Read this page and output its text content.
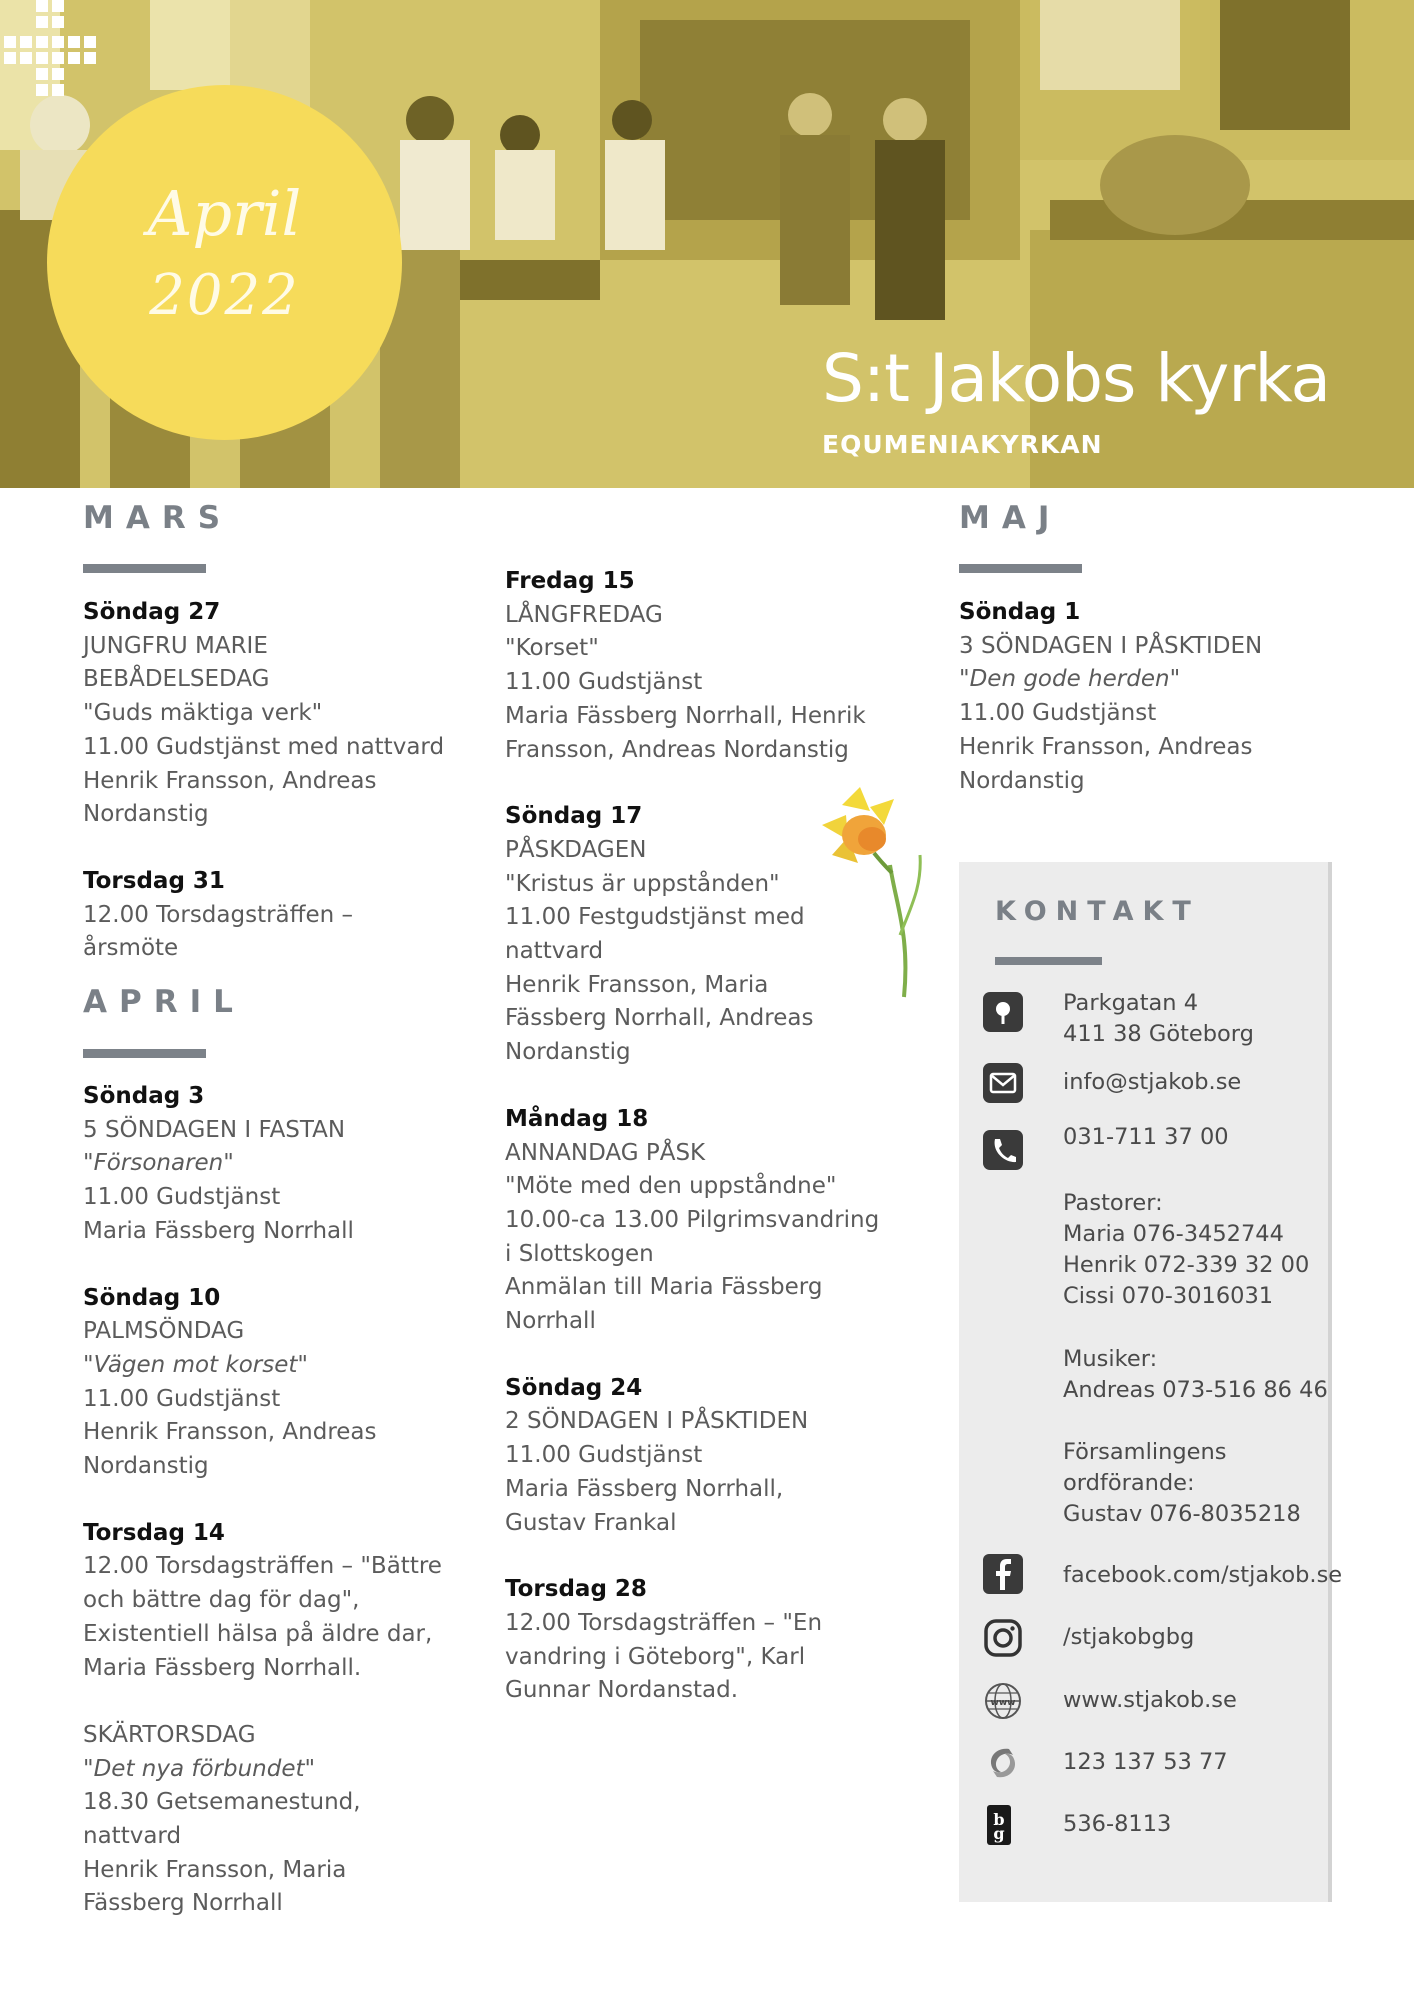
April
2022
S:t Jakobs kyrka
EQUMENIAKYRKAN
MARS	MAJ
Söndag 27
JUNGFRU MARIE
BEBÅDELSEDAG
"Guds mäktiga verk"
11.00 Gudstjänst med nattvard
Henrik Fransson, Andreas
Nordanstig
Torsdag 31
12.00 Torsdagsträffen –
årsmöte
APRIL
Söndag 3
5 SÖNDAGEN I FASTAN
"Försonaren"
11.00 Gudstjänst
Maria Fässberg Norrhall
Söndag 10
PALMSÖNDAG
"Vägen mot korset"
11.00 Gudstjänst
Henrik Fransson, Andreas
Nordanstig
Torsdag 14
12.00 Torsdagsträffen – "Bättre
och bättre dag för dag",
Existentiell hälsa på äldre dar,
Maria Fässberg Norrhall.
SKÄRTORSDAG
"Det nya förbundet"
18.30 Getsemanestund,
nattvard
Henrik Fransson, Maria
Fässberg Norrhall
Fredag 15
LÅNGFREDAG
"Korset"
11.00 Gudstjänst
Maria Fässberg Norrhall, Henrik
Fransson, Andreas Nordanstig
Söndag 17
PÅSKDAGEN
"Kristus är uppstånden"
11.00 Festgudstjänst med
nattvard
Henrik Fransson, Maria
Fässberg Norrhall, Andreas
Nordanstig
Måndag 18
ANNANDAG PÅSK
"Möte med den uppståndne"
10.00-ca 13.00 Pilgrimsvandring
i Slottskogen
Anmälan till Maria Fässberg
Norrhall
Söndag 24
2 SÖNDAGEN I PÅSKTIDEN
11.00 Gudstjänst
Maria Fässberg Norrhall,
Gustav Frankal
Torsdag 28
12.00 Torsdagsträffen – "En
vandring i Göteborg", Karl
Gunnar Nordanstad.
Söndag 1
3 SÖNDAGEN I PÅSKTIDEN
"Den gode herden"
11.00 Gudstjänst
Henrik Fransson, Andreas
Nordanstig
KONTAKT
Parkgatan 4
411 38 Göteborg
info@stjakob.se
031-711 37 00
Pastorer:
Maria 076-3452744
Henrik 072-339 32 00
Cissi 070-3016031
Musiker:
Andreas 073-516 86 46
Församlingens
ordförande:
Gustav 076-8035218
facebook.com/stjakob.se
/stjakobgbg
www www.stjakob.se
123 137 53 77
b
g	536-8113
